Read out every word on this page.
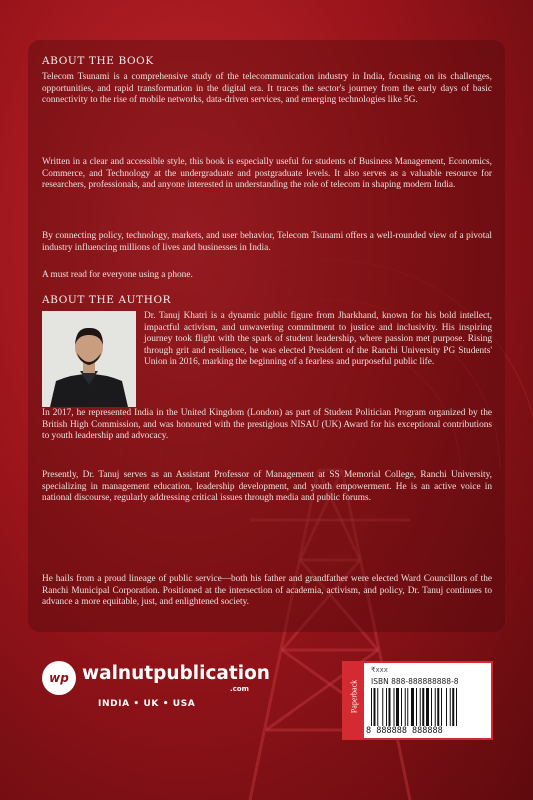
ABOUT THE BOOK

Telecom Tsunami is a comprehensive study of the telecommunication industry in India, focusing on its challenges, opportunities, and rapid transformation in the digital era. It traces the sector's journey from the early days of basic connectivity to the rise of mobile networks, data-driven services, and emerging technologies like 5G.

Written in a clear and accessible style, this book is especially useful for students of Business Management, Economics, Commerce, and Technology at the undergraduate and postgraduate levels. It also serves as a valuable resource for researchers, professionals, and anyone interested in understanding the role of telecom in shaping modern India.

By connecting policy, technology, markets, and user behavior, Telecom Tsunami offers a well-rounded view of a pivotal industry influencing millions of lives and businesses in India.

A must read for everyone using a phone.

ABOUT THE AUTHOR

Dr. Tanuj Khatri is a dynamic public figure from Jharkhand, known for his bold intellect, impactful activism, and unwavering commitment to justice and inclusivity. His inspiring journey took flight with the spark of student leadership, where passion met purpose. Rising through grit and resilience, he was elected President of the Ranchi University PG Students' Union in 2016, marking the beginning of a fearless and purposeful public life.

In 2017, he represented India in the United Kingdom (London) as part of Student Politician Program organized by the British High Commission, and was honoured with the prestigious NISAU (UK) Award for his exceptional contributions to youth leadership and advocacy.

Presently, Dr. Tanuj serves as an Assistant Professor of Management at SS Memorial College, Ranchi University, specializing in management education, leadership development, and youth empowerment. He is an active voice in national discourse, regularly addressing critical issues through media and public forums.

He hails from a proud lineage of public service—both his father and grandfather were elected Ward Councillors of the Ranchi Municipal Corporation. Positioned at the intersection of academia, activism, and policy, Dr. Tanuj continues to advance a more equitable, just, and enlightened society.

wp walnutpublication
.com
INDIA • UK • USA	Paperback
₹xxx
ISBN 888-888888888-8
8 888888 888888
